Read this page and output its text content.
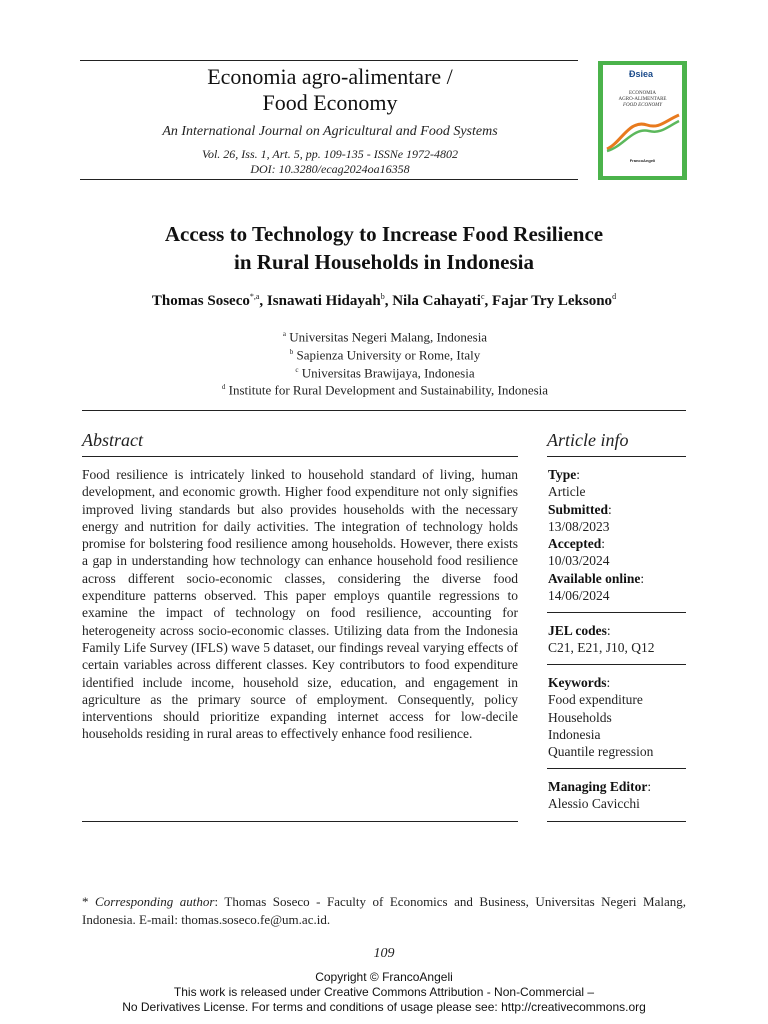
Economia agro-alimentare /
Food Economy
An International Journal on Agricultural and Food Systems
Vol. 26, Iss. 1, Art. 5, pp. 109-135 - ISSNe 1972-4802
DOI: 10.3280/ecag2024oa16358
Ðsiea
ECONOMIA
AGRO-ALIMENTARE
FOOD ECONOMY
FrancoAngeli
Access to Technology to Increase Food Resilience
in Rural Households in Indonesia
Thomas Soseco$^{*,a}$, Isnawati Hidayah$^b$, Nila Cahayati$^c$, Fajar Try Leksono$^d$
$^a$ Universitas Negeri Malang, Indonesia
$^b$ Sapienza University or Rome, Italy
$^c$ Universitas Brawijaya, Indonesia
$^d$ Institute for Rural Development and Sustainability, Indonesia
Abstract
Food resilience is intricately linked to household standard of living, human development, and economic growth. Higher food expenditure not only signifies improved living standards but also provides households with the necessary energy and nutrition for daily activities. The integration of technology holds promise for bolstering food resilience among households. However, there exists a gap in understanding how technology can enhance household food resilience across different socio-economic classes, considering the diverse food expenditure patterns observed. This paper employs quantile regressions to examine the impact of technology on food resilience, accounting for heterogeneity across socio-economic classes. Utilizing data from the Indonesia Family Life Survey (IFLS) wave 5 dataset, our findings reveal varying effects of certain variables across different classes. Key contributors to food expenditure identified include income, household size, education, and engagement in agriculture as the primary source of employment. Consequently, policy interventions should prioritize expanding internet access for low-decile households residing in rural areas to effectively enhance food resilience.
Article info
Type:
Article
Submitted:
13/08/2023
Accepted:
10/03/2024
Available online:
14/06/2024
JEL codes:
C21, E21, J10, Q12
Keywords:
Food expenditure
Households
Indonesia
Quantile regression
Managing Editor:
Alessio Cavicchi
* Corresponding author: Thomas Soseco - Faculty of Economics and Business, Universitas Negeri Malang, Indonesia. E-mail: thomas.soseco.fe@um.ac.id.
109
Copyright © FrancoAngeli
This work is released under Creative Commons Attribution - Non-Commercial –
No Derivatives License. For terms and conditions of usage please see: http://creativecommons.org
